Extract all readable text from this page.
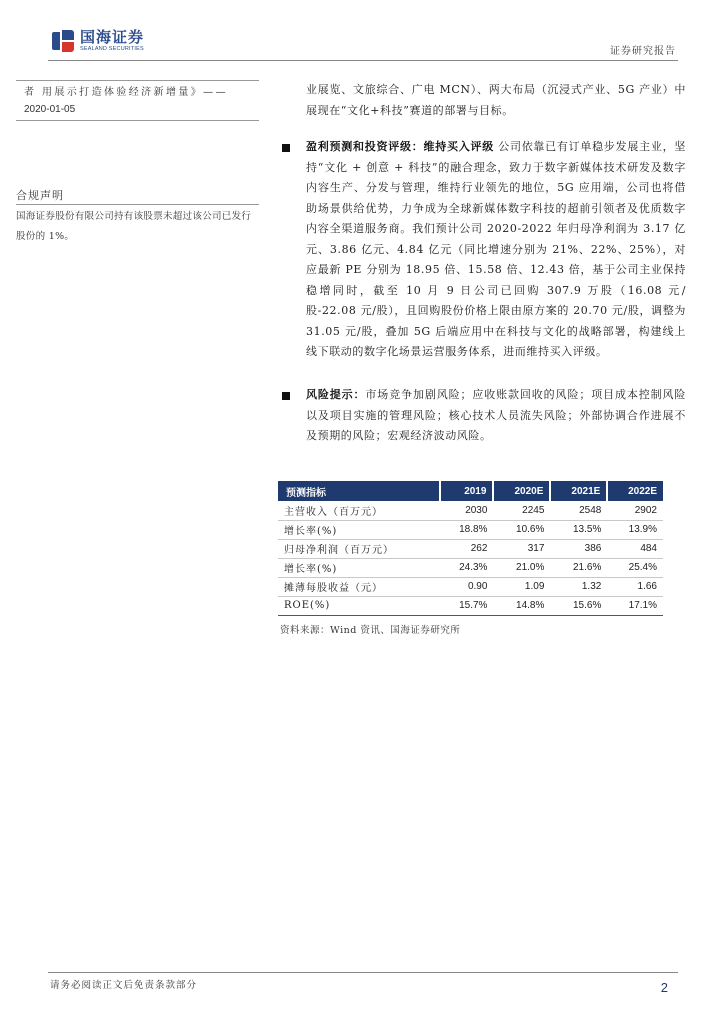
国海证券
SEALAND SECURITIES	证券研究报告
者 用展示打造体验经济新增量》——
2020-01-05
合规声明
国海证券股份有限公司持有该股票未超过该公司已发行股份的 1%。
业展览、文旅综合、广电 MCN）、两大布局（沉浸式产业、5G 产业）中展现在“文化+科技”赛道的部署与目标。
盈利预测和投资评级：维持买入评级 公司依靠已有订单稳步发展主业，坚持“文化 + 创意 + 科技”的融合理念，致力于数字新媒体技术研发及数字内容生产、分发与管理，维持行业领先的地位，5G 应用端，公司也将借助场景供给优势，力争成为全球新媒体数字科技的超前引领者及优质数字内容全渠道服务商。我们预计公司 2020-2022 年归母净利润为 3.17 亿元、3.86 亿元、4.84 亿元（同比增速分别为 21%、22%、25%），对应最新 PE 分别为 18.95 倍、15.58 倍、12.43 倍，基于公司主业保持稳增同时，截至 10 月 9 日公司已回购 307.9 万股（16.08 元/股-22.08 元/股），且回购股份价格上限由原方案的 20.70 元/股，调整为 31.05 元/股，叠加 5G 后端应用中在科技与文化的战略部署，构建线上线下联动的数字化场景运营服务体系，进而维持买入评级。
风险提示：市场竞争加剧风险；应收账款回收的风险；项目成本控制风险以及项目实施的管理风险；核心技术人员流失风险；外部协调合作进展不及预期的风险；宏观经济波动风险。
预测指标	2019	2020E	2021E	2022E
主营收入（百万元）	2030	2245	2548	2902
增长率(%)	18.8%	10.6%	13.5%	13.9%
归母净利润（百万元）	262	317	386	484
增长率(%)	24.3%	21.0%	21.6%	25.4%
摊薄每股收益（元）	0.90	1.09	1.32	1.66
ROE(%)	15.7%	14.8%	15.6%	17.1%
资料来源：Wind 资讯、国海证券研究所
请务必阅读正文后免责条款部分	2
